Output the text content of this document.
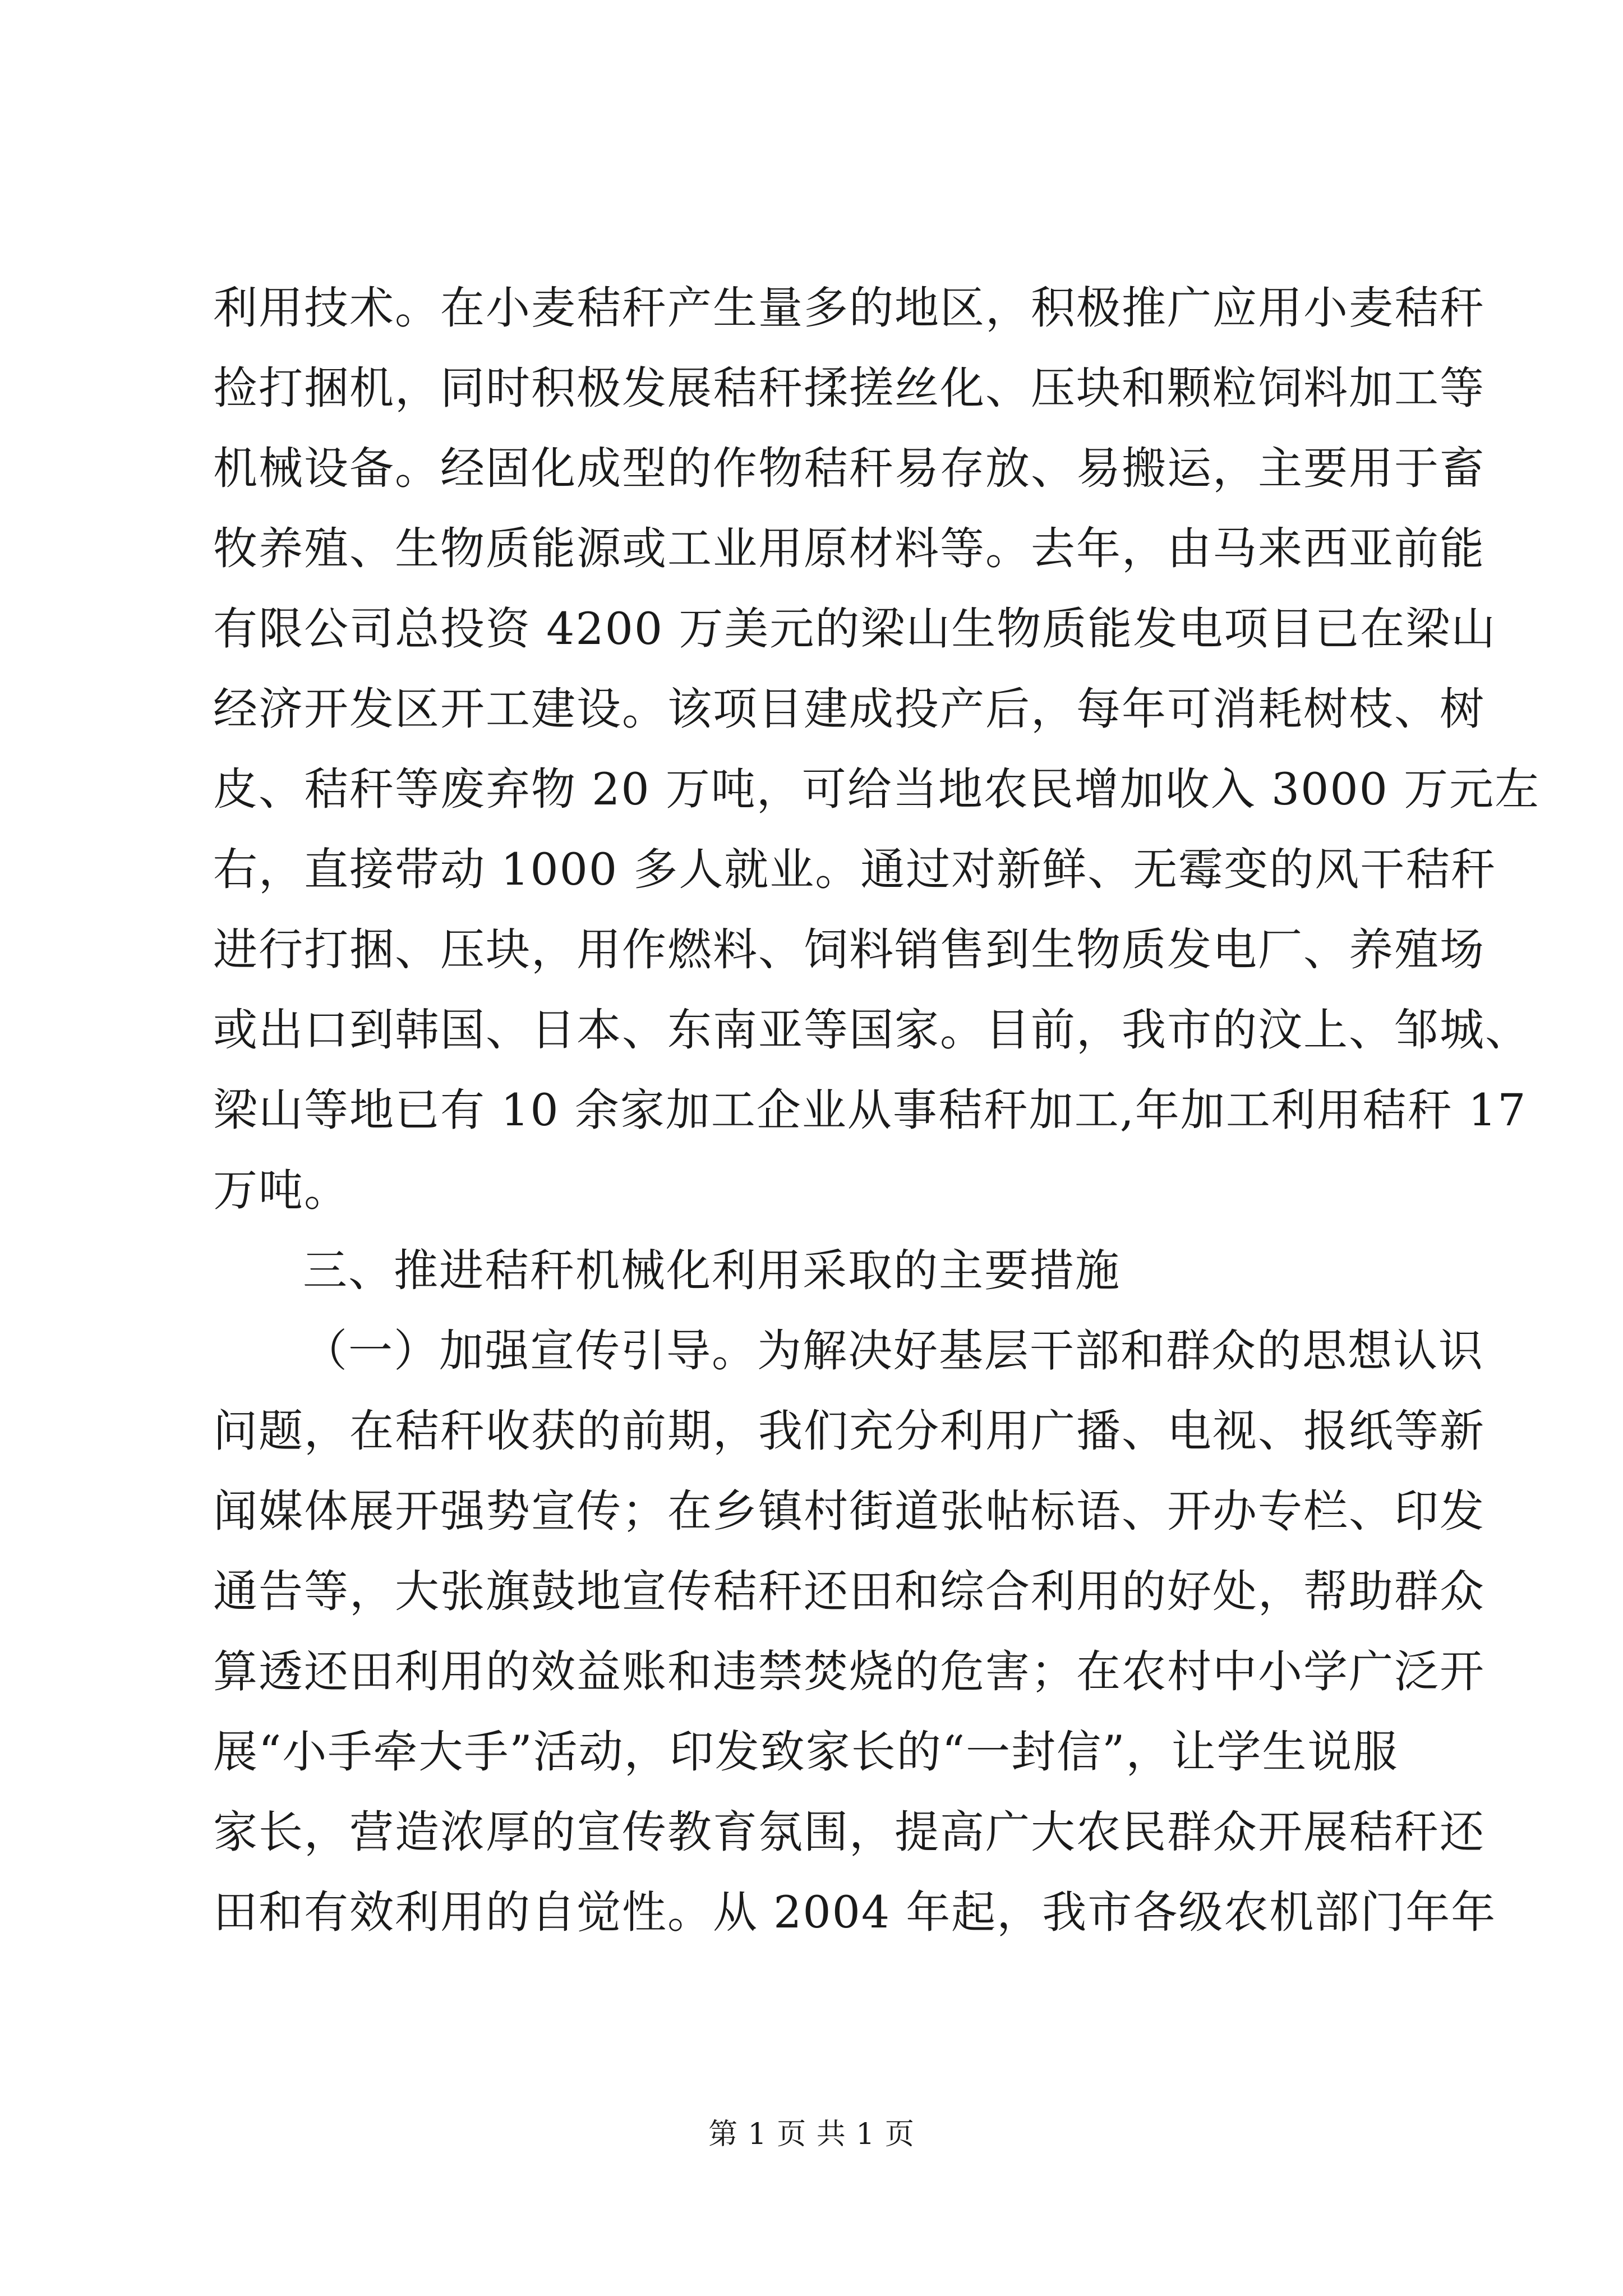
利用技术。在小麦秸秆产生量多的地区，积极推广应用小麦秸秆
捡打捆机，同时积极发展秸秆揉搓丝化、压块和颗粒饲料加工等
机械设备。经固化成型的作物秸秆易存放、易搬运，主要用于畜
牧养殖、生物质能源或工业用原材料等。去年，由马来西亚前能
有限公司总投资 4200 万美元的梁山生物质能发电项目已在梁山
经济开发区开工建设。该项目建成投产后，每年可消耗树枝、树
皮、秸秆等废弃物 20 万吨，可给当地农民增加收入 3000 万元左
右，直接带动 1000 多人就业。通过对新鲜、无霉变的风干秸秆
进行打捆、压块，用作燃料、饲料销售到生物质发电厂、养殖场
或出口到韩国、日本、东南亚等国家。目前，我市的汶上、邹城、
梁山等地已有 10 余家加工企业从事秸秆加工,年加工利用秸秆 17
万吨。
三、推进秸秆机械化利用采取的主要措施
（一）加强宣传引导。为解决好基层干部和群众的思想认识
问题，在秸秆收获的前期，我们充分利用广播、电视、报纸等新
闻媒体展开强势宣传；在乡镇村街道张帖标语、开办专栏、印发
通告等，大张旗鼓地宣传秸秆还田和综合利用的好处，帮助群众
算透还田利用的效益账和违禁焚烧的危害；在农村中小学广泛开
展“小手牵大手”活动，印发致家长的“一封信”，让学生说服
家长，营造浓厚的宣传教育氛围，提高广大农民群众开展秸秆还
田和有效利用的自觉性。从 2004 年起，我市各级农机部门年年
第 1 页 共 1 页
